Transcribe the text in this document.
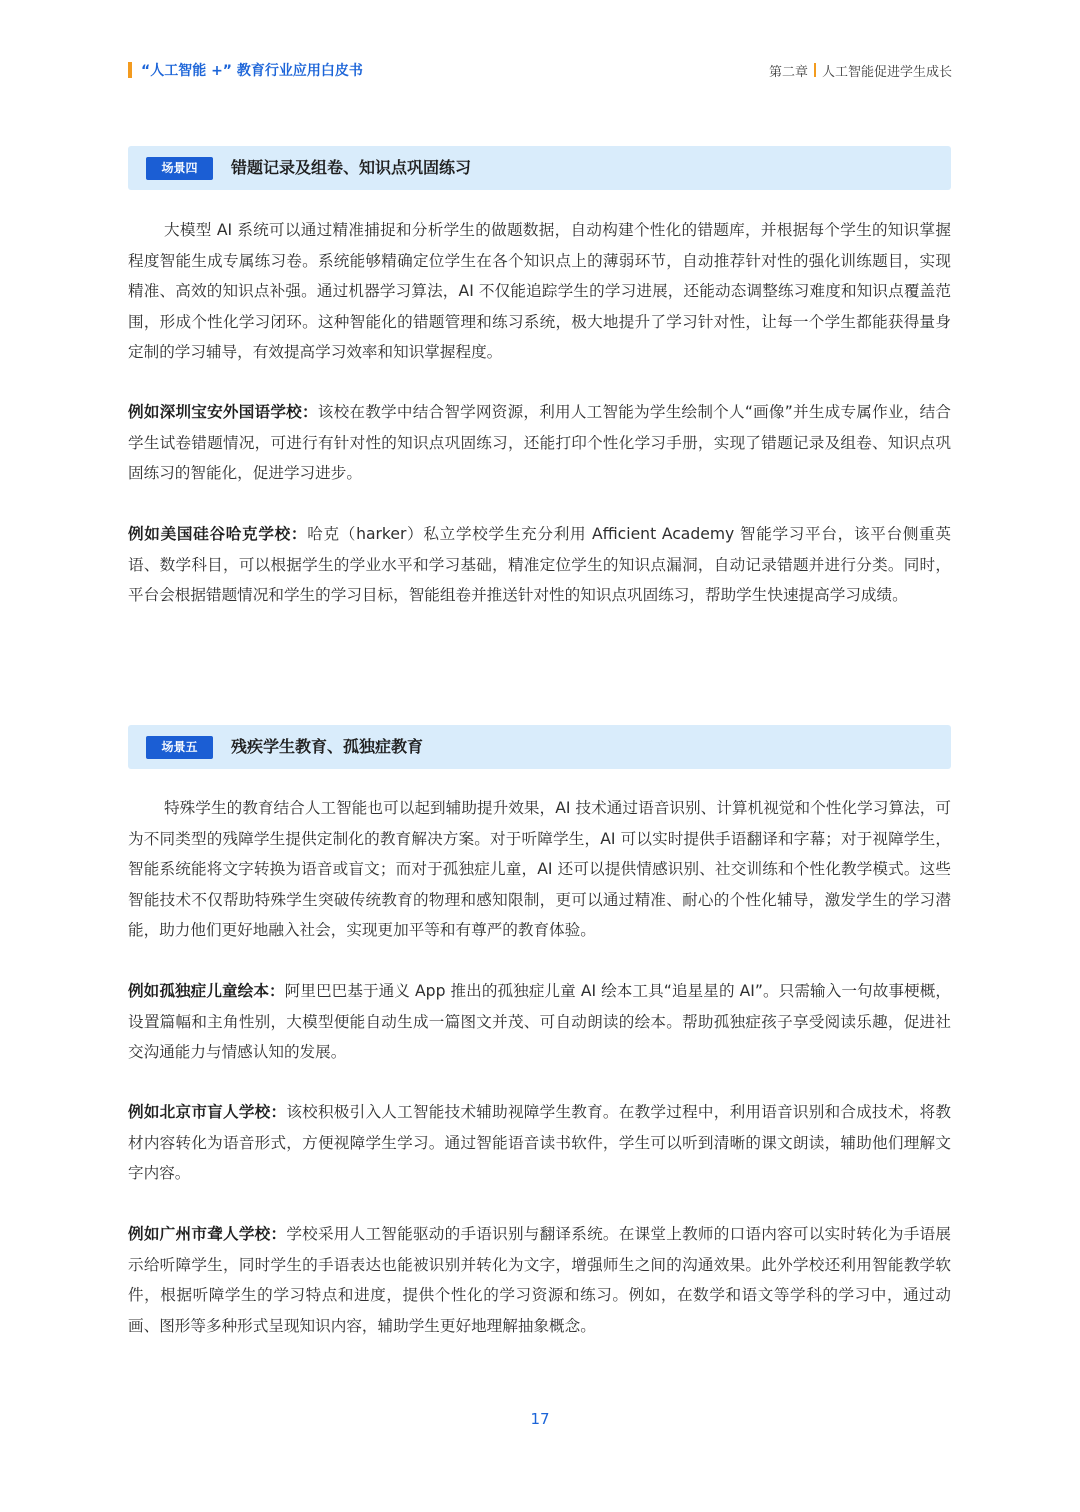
“人工智能 +” 教育行业应用白皮书	第二章 人工智能促进学生成长
场景四	错题记录及组卷、知识点巩固练习

大模型 AI 系统可以通过精准捕捉和分析学生的做题数据，自动构建个性化的错题库，并根据每个学生的知识掌握程度智能生成专属练习卷。系统能够精确定位学生在各个知识点上的薄弱环节，自动推荐针对性的强化训练题目，实现精准、高效的知识点补强。通过机器学习算法，AI 不仅能追踪学生的学习进展，还能动态调整练习难度和知识点覆盖范围，形成个性化学习闭环。这种智能化的错题管理和练习系统，极大地提升了学习针对性，让每一个学生都能获得量身定制的学习辅导，有效提高学习效率和知识掌握程度。

例如深圳宝安外国语学校：该校在教学中结合智学网资源，利用人工智能为学生绘制个人“画像”并生成专属作业，结合学生试卷错题情况，可进行有针对性的知识点巩固练习，还能打印个性化学习手册，实现了错题记录及组卷、知识点巩固练习的智能化，促进学习进步。

例如美国硅谷哈克学校：哈克（harker）私立学校学生充分利用 Afficient Academy 智能学习平台，该平台侧重英语、数学科目，可以根据学生的学业水平和学习基础，精准定位学生的知识点漏洞，自动记录错题并进行分类。同时，平台会根据错题情况和学生的学习目标，智能组卷并推送针对性的知识点巩固练习，帮助学生快速提高学习成绩。

场景五	残疾学生教育、孤独症教育

特殊学生的教育结合人工智能也可以起到辅助提升效果，AI 技术通过语音识别、计算机视觉和个性化学习算法，可为不同类型的残障学生提供定制化的教育解决方案。对于听障学生，AI 可以实时提供手语翻译和字幕；对于视障学生，智能系统能将文字转换为语音或盲文；而对于孤独症儿童，AI 还可以提供情感识别、社交训练和个性化教学模式。这些智能技术不仅帮助特殊学生突破传统教育的物理和感知限制，更可以通过精准、耐心的个性化辅导，激发学生的学习潜能，助力他们更好地融入社会，实现更加平等和有尊严的教育体验。

例如孤独症儿童绘本：阿里巴巴基于通义 App 推出的孤独症儿童 AI 绘本工具“追星星的 AI”。只需输入一句故事梗概，设置篇幅和主角性别，大模型便能自动生成一篇图文并茂、可自动朗读的绘本。帮助孤独症孩子享受阅读乐趣，促进社交沟通能力与情感认知的发展。

例如北京市盲人学校：该校积极引入人工智能技术辅助视障学生教育。在教学过程中，利用语音识别和合成技术，将教材内容转化为语音形式，方便视障学生学习。通过智能语音读书软件，学生可以听到清晰的课文朗读，辅助他们理解文字内容。

例如广州市聋人学校：学校采用人工智能驱动的手语识别与翻译系统。在课堂上教师的口语内容可以实时转化为手语展示给听障学生，同时学生的手语表达也能被识别并转化为文字，增强师生之间的沟通效果。此外学校还利用智能教学软件，根据听障学生的学习特点和进度，提供个性化的学习资源和练习。例如，在数学和语文等学科的学习中，通过动画、图形等多种形式呈现知识内容，辅助学生更好地理解抽象概念。

17
